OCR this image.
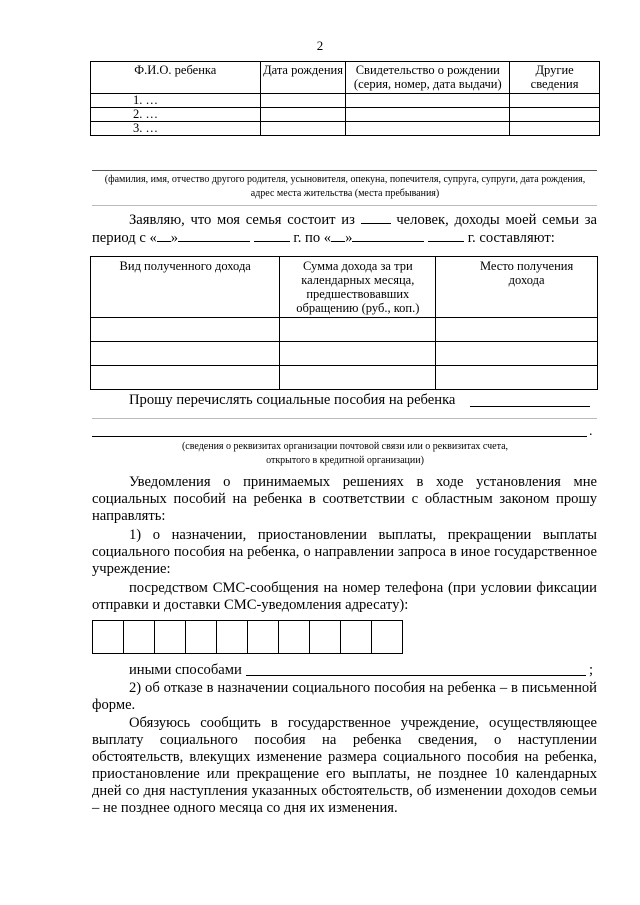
2
Ф.И.О. ребенка	Дата рождения	Свидетельство о рождении (серия, номер, дата выдачи)	Другие сведения
1. …			
2. …			
3. …			
(фамилия, имя, отчество другого родителя, усыновителя, опекуна, попечителя, супруга, супруги, дата рождения, адрес места жительства (места пребывания)
Заявляю, что моя семья состоит из	человек, доходы моей семьи за период с « »	г. по « »	г. составляют:
Вид полученного дохода	Сумма дохода за три календарных месяца, предшествовавших обращению (руб., коп.)	Место получения дохода

Прошу перечислять социальные пособия на ребенка
.
(сведения о реквизитах организации почтовой связи или о реквизитах счета, открытого в кредитной организации)
Уведомления о принимаемых решениях в ходе установления мне социальных пособий на ребенка в соответствии с областным законом прошу направлять:
1) о назначении, приостановлении выплаты, прекращении выплаты социального пособия на ребенка, о направлении запроса в иное государственное учреждение:
посредством СМС-сообщения на номер телефона (при условии фиксации отправки и доставки СМС-уведомления адресату):

иными способами	;
2) об отказе в назначении социального пособия на ребенка – в письменной форме.
Обязуюсь сообщить в государственное учреждение, осуществляющее выплату социального пособия на ребенка сведения, о наступлении обстоятельств, влекущих изменение размера социального пособия на ребенка, приостановление или прекращение его выплаты, не позднее 10 календарных дней со дня наступления указанных обстоятельств, об изменении доходов семьи – не позднее одного месяца со дня их изменения.
